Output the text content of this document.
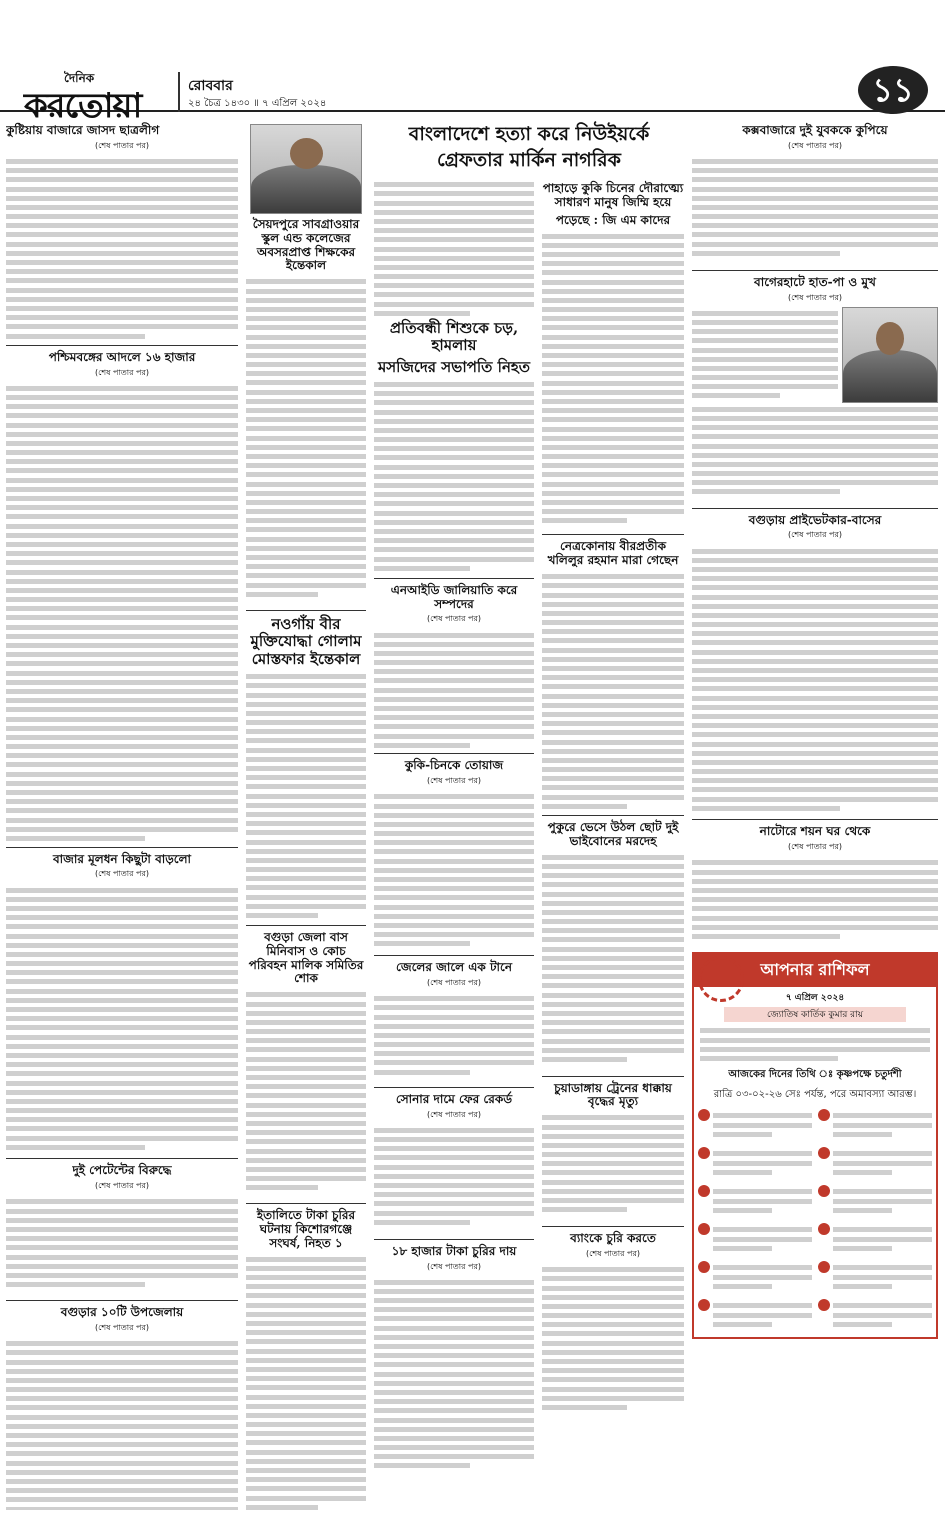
দৈনিক
করতোয়া	রোববার
২৪ চৈত্র ১৪৩০ ॥ ৭ এপ্রিল ২০২৪	১১
কুষ্টিয়ায় বাজারে জাসদ ছাত্রলীগ
(শেষ পাতার পর)
পশ্চিমবঙ্গের আদলে ১৬ হাজার
(শেষ পাতার পর)
বাজার মূলধন কিছুটা বাড়লো
(শেষ পাতার পর)
দুই পেটেন্টের বিরুদ্ধে
(শেষ পাতার পর)
বগুড়ার ১০টি উপজেলায়
(শেষ পাতার পর)
সৈয়দপুরে সাবগ্রাওয়ার স্কুল এন্ড কলেজের অবসরপ্রাপ্ত শিক্ষকের ইন্তেকাল
নওগাঁয় বীর মুক্তিযোদ্ধা গোলাম মোস্তফার ইন্তেকাল
বগুড়া জেলা বাস মিনিবাস ও কোচ পরিবহন মালিক সমিতির শোক
ইতালিতে টাকা চুরির ঘটনায় কিশোরগঞ্জে সংঘর্ষ, নিহত ১
বাংলাদেশে হত্যা করে নিউইয়র্কে
গ্রেফতার মার্কিন নাগরিক
প্রতিবন্ধী শিশুকে চড়, হামলায়
মসজিদের সভাপতি নিহত
এনআইডি জালিয়াতি করে সম্পদের
(শেষ পাতার পর)
কুকি-চিনকে তোয়াজ
(শেষ পাতার পর)
জেলের জালে এক টানে
(শেষ পাতার পর)
সোনার দামে ফের রেকর্ড
(শেষ পাতার পর)
১৮ হাজার টাকা চুরির দায়
(শেষ পাতার পর)
পাহাড়ে কুকি চিনের দৌরাত্ম্যে সাধারণ মানুষ জিম্মি হয়ে
পড়েছে : জি এম কাদের
নেত্রকোনায় বীরপ্রতীক খলিলুর রহমান মারা গেছেন
পুকুরে ভেসে উঠল ছোট দুই ভাইবোনের মরদেহ
চুয়াডাঙ্গায় ট্রেনের ধাক্কায় বৃদ্ধের মৃত্যু
ব্যাংকে চুরি করতে
(শেষ পাতার পর)
কক্সবাজারে দুই যুবককে কুপিয়ে
(শেষ পাতার পর)
বাগেরহাটে হাত-পা ও মুখ
(শেষ পাতার পর)
বগুড়ায় প্রাইভেটকার-বাসের
(শেষ পাতার পর)
নাটোরে শয়ন ঘর থেকে
(শেষ পাতার পর)
আপনার রাশিফল
৭ এপ্রিল ২০২৪
জ্যোতিষ কার্তিক কুমার রায়
আজকের দিনের তিথি ঃ কৃষ্ণপক্ষে চতুর্দশী
রাত্রি ০৩-০২-২৬ সেঃ পর্যন্ত, পরে অমাবস্যা আরম্ভ।
